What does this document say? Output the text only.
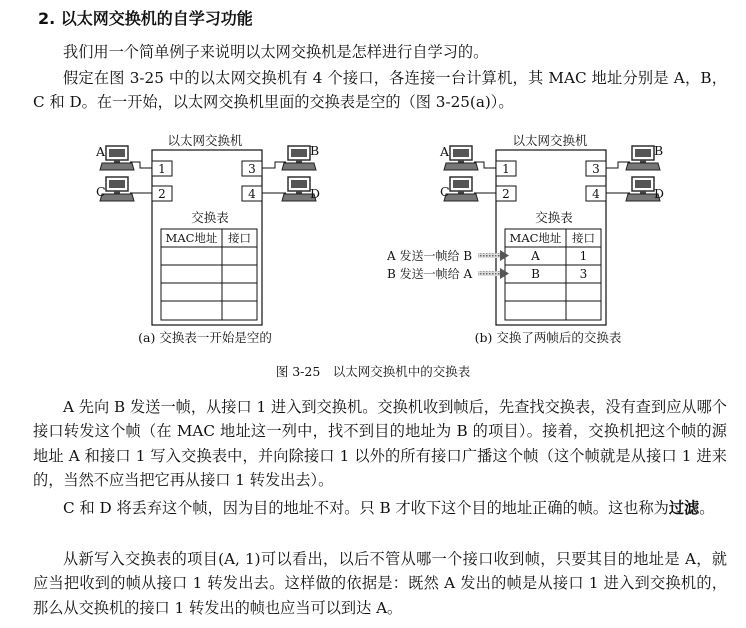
2. 以太网交换机的自学习功能

我们用一个简单例子来说明以太网交换机是怎样进行自学习的。

假定在图 3-25 中的以太网交换机有 4 个接口，各连接一台计算机，其 MAC 地址分别是 A，B，C 和 D。在一开始，以太网交换机里面的交换表是空的（图 3-25(a)）。

以太网交换机
1
2
3
4
A
C
B
D
交换表
MAC地址 接口
(a) 交换表一开始是空的
以太网交换机
1
2
3
4
A
C
B
D
交换表
MAC地址 接口
A	1
B	3
A 发送一帧给 B
B 发送一帧给 A
(b) 交换了两帧后的交换表

图 3-25　以太网交换机中的交换表

A 先向 B 发送一帧，从接口 1 进入到交换机。交换机收到帧后，先查找交换表，没有查到应从哪个接口转发这个帧（在 MAC 地址这一列中，找不到目的地址为 B 的项目）。接着，交换机把这个帧的源地址 A 和接口 1 写入交换表中，并向除接口 1 以外的所有接口广播这个帧（这个帧就是从接口 1 进来的，当然不应当把它再从接口 1 转发出去）。

C 和 D 将丢弃这个帧，因为目的地址不对。只 B 才收下这个目的地址正确的帧。这也称为过滤。

从新写入交换表的项目(A, 1)可以看出，以后不管从哪一个接口收到帧，只要其目的地址是 A，就应当把收到的帧从接口 1 转发出去。这样做的依据是：既然 A 发出的帧是从接口 1 进入到交换机的，那么从交换机的接口 1 转发出的帧也应当可以到达 A。
